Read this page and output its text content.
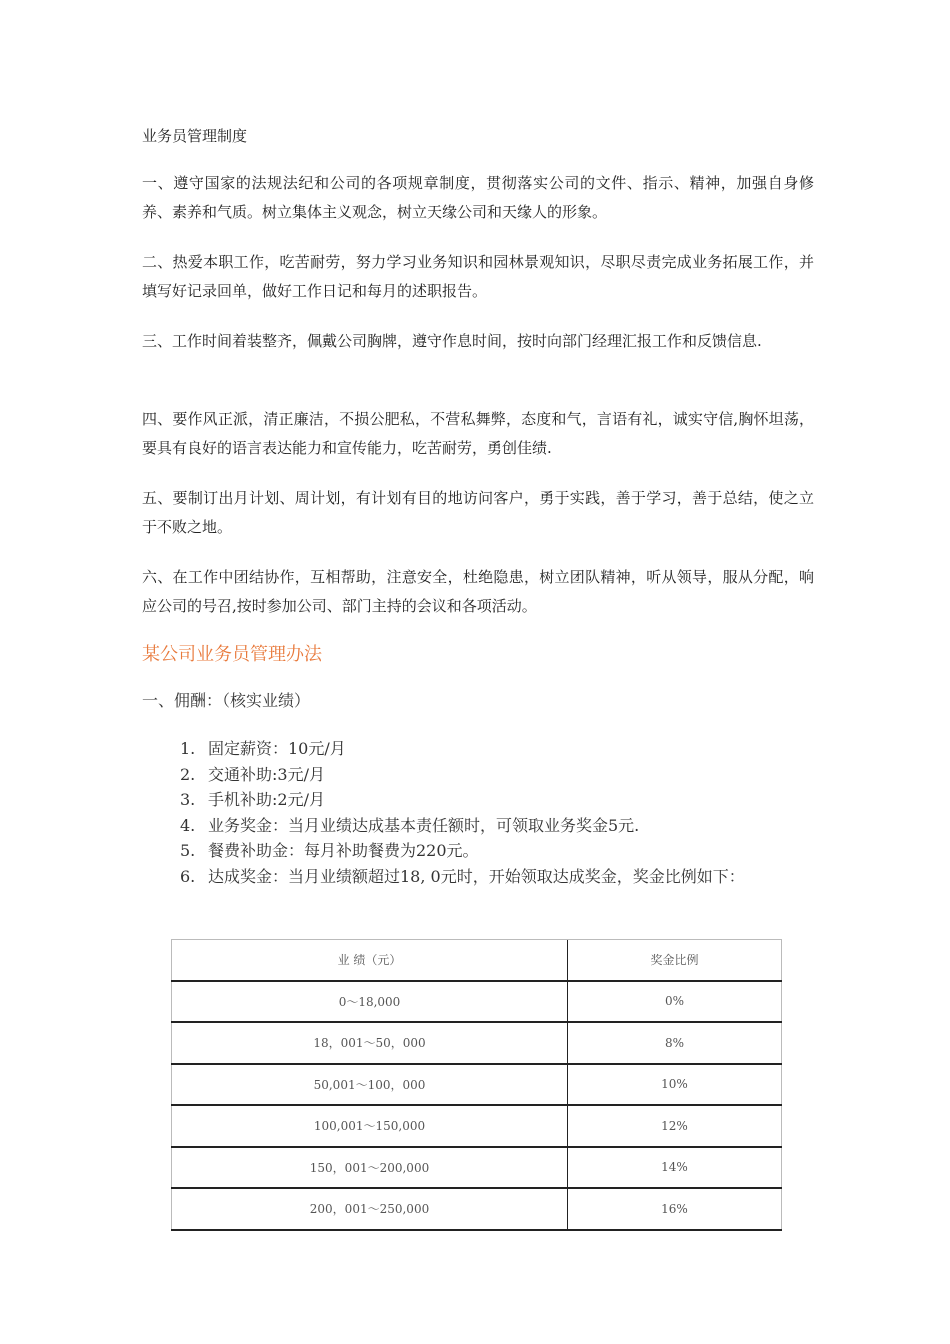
业务员管理制度

一、遵守国家的法规法纪和公司的各项规章制度，贯彻落实公司的文件、指示、精神，加强自身修养、素养和气质。树立集体主义观念，树立天缘公司和天缘人的形象。

二、热爱本职工作，吃苦耐劳，努力学习业务知识和园林景观知识，尽职尽责完成业务拓展工作，并填写好记录回单，做好工作日记和每月的述职报告。

三、工作时间着装整齐，佩戴公司胸牌，遵守作息时间，按时向部门经理汇报工作和反馈信息.

四、要作风正派，清正廉洁，不损公肥私，不营私舞弊，态度和气，言语有礼，诚实守信,胸怀坦荡，要具有良好的语言表达能力和宣传能力，吃苦耐劳，勇创佳绩.

五、要制订出月计划、周计划，有计划有目的地访问客户，勇于实践，善于学习，善于总结，使之立于不败之地。

六、在工作中团结协作，互相帮助，注意安全，杜绝隐患，树立团队精神，听从领导，服从分配，响应公司的号召,按时参加公司、部门主持的会议和各项活动。

某公司业务员管理办法
一、佣酬：（核实业绩）
1. 固定薪资：10元/月
2. 交通补助:3元/月
3. 手机补助:2元/月
4. 业务奖金：当月业绩达成基本责任额时，可领取业务奖金5元.
5. 餐费补助金：每月补助餐费为220元。
6. 达成奖金：当月业绩额超过18, 0元时，开始领取达成奖金，奖金比例如下：
业 绩（元）	奖金比例
0～18,000	0%
18，001～50，000	8%
50,001～100，000	10%
100,001～150,000	12%
150，001～200,000	14%
200，001～250,000	16%
